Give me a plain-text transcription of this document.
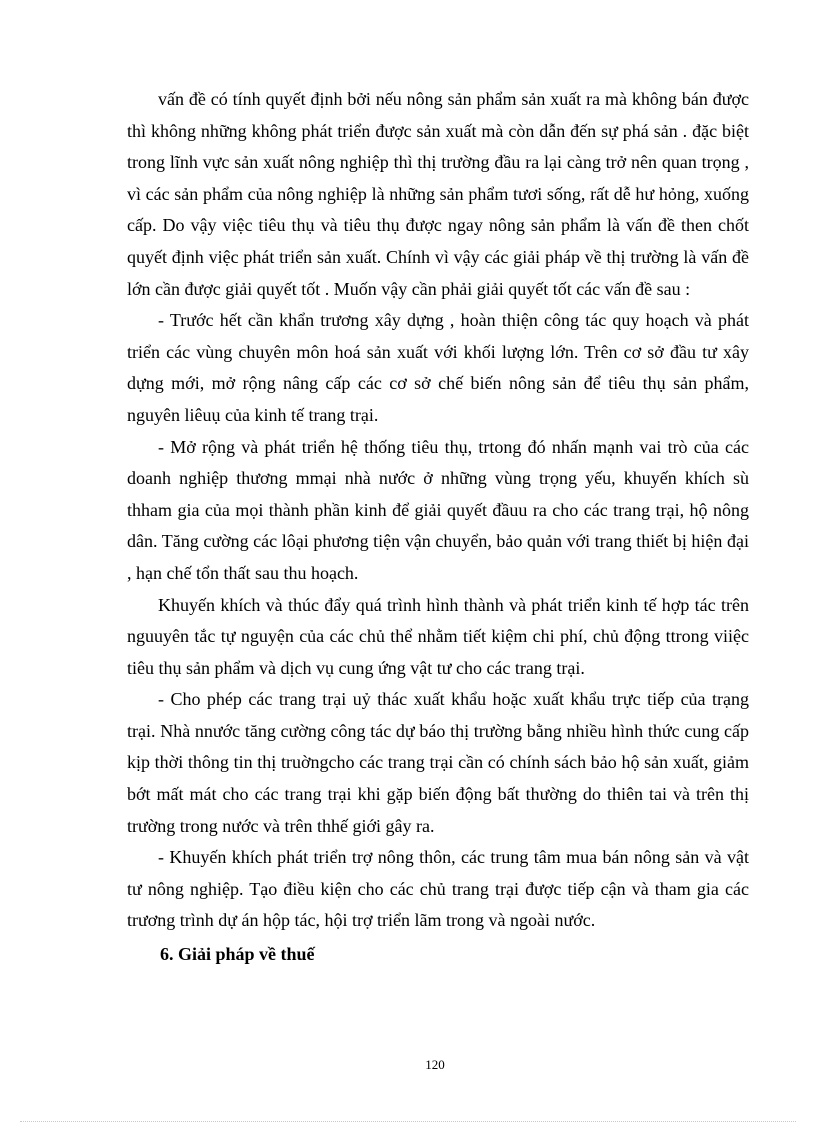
vấn đề có tính quyết định bởi nếu nông sản phẩm sản xuất ra mà không bán được thì không những không phát triển được sản xuất mà còn dẫn đến sự phá sản . đặc biệt trong lĩnh vực sản xuất nông nghiệp thì thị trường đầu ra lại càng trở nên quan trọng , vì các sản phẩm của nông nghiệp là những sản phẩm tươi sống, rất dễ hư hỏng, xuống cấp. Do vậy việc tiêu thụ và tiêu thụ được ngay nông sản phẩm là vấn đề then chốt quyết định việc phát triển sản xuất. Chính vì vậy các giải pháp về thị trường là vấn đề lớn cần được giải quyết tốt . Muốn vậy cần phải giải quyết tốt các vấn đề sau :

- Trước hết cần khẩn trương xây dựng , hoàn thiện công tác quy hoạch và phát triển các vùng chuyên môn hoá sản xuất với khối lượng lớn. Trên cơ sở đầu tư xây dựng mới, mở rộng nâng cấp các cơ sở chế biến nông sản để tiêu thụ sản phẩm, nguyên liêuụ của kinh tế trang trại.

- Mở rộng và phát triển hệ thống tiêu thụ, trtong đó nhấn mạnh vai trò của các doanh nghiệp thương mmại nhà nước ở những vùng trọng yếu, khuyến khích sù thham gia của mọi thành phần kinh để giải quyết đầuu ra cho các trang trại, hộ nông dân. Tăng cường các lôại phương tiện vận chuyển, bảo quản với trang thiết bị hiện đại , hạn chế tổn thất sau thu hoạch.

Khuyến khích và thúc đẩy quá trình hình thành và phát triển kinh tế hợp tác trên nguuyên tắc tự nguyện của các chủ thể nhằm tiết kiệm chi phí, chủ động ttrong viiệc tiêu thụ sản phẩm và dịch vụ cung ứng vật tư cho các trang trại.

- Cho phép các trang trại uỷ thác xuất khẩu hoặc xuất khẩu trực tiếp của trạng trại. Nhà nnước tăng cường công tác dự báo thị trường bằng nhiều hình thức cung cấp kịp thời thông tin thị truờngcho các trang trại cần có chính sách bảo hộ sản xuất, giảm bớt mất mát cho các trang trại khi gặp biến động bất thường do thiên tai và trên thị trường trong nước và trên thhế giới gây ra.

- Khuyến khích phát triển trợ nông thôn, các trung tâm mua bán nông sản và vật tư nông nghiệp. Tạo điều kiện cho các chủ trang trại được tiếp cận và tham gia các trương trình dự án hộp tác, hội trợ triển lãm trong và ngoài nước.

6. Giải pháp về thuế

120
